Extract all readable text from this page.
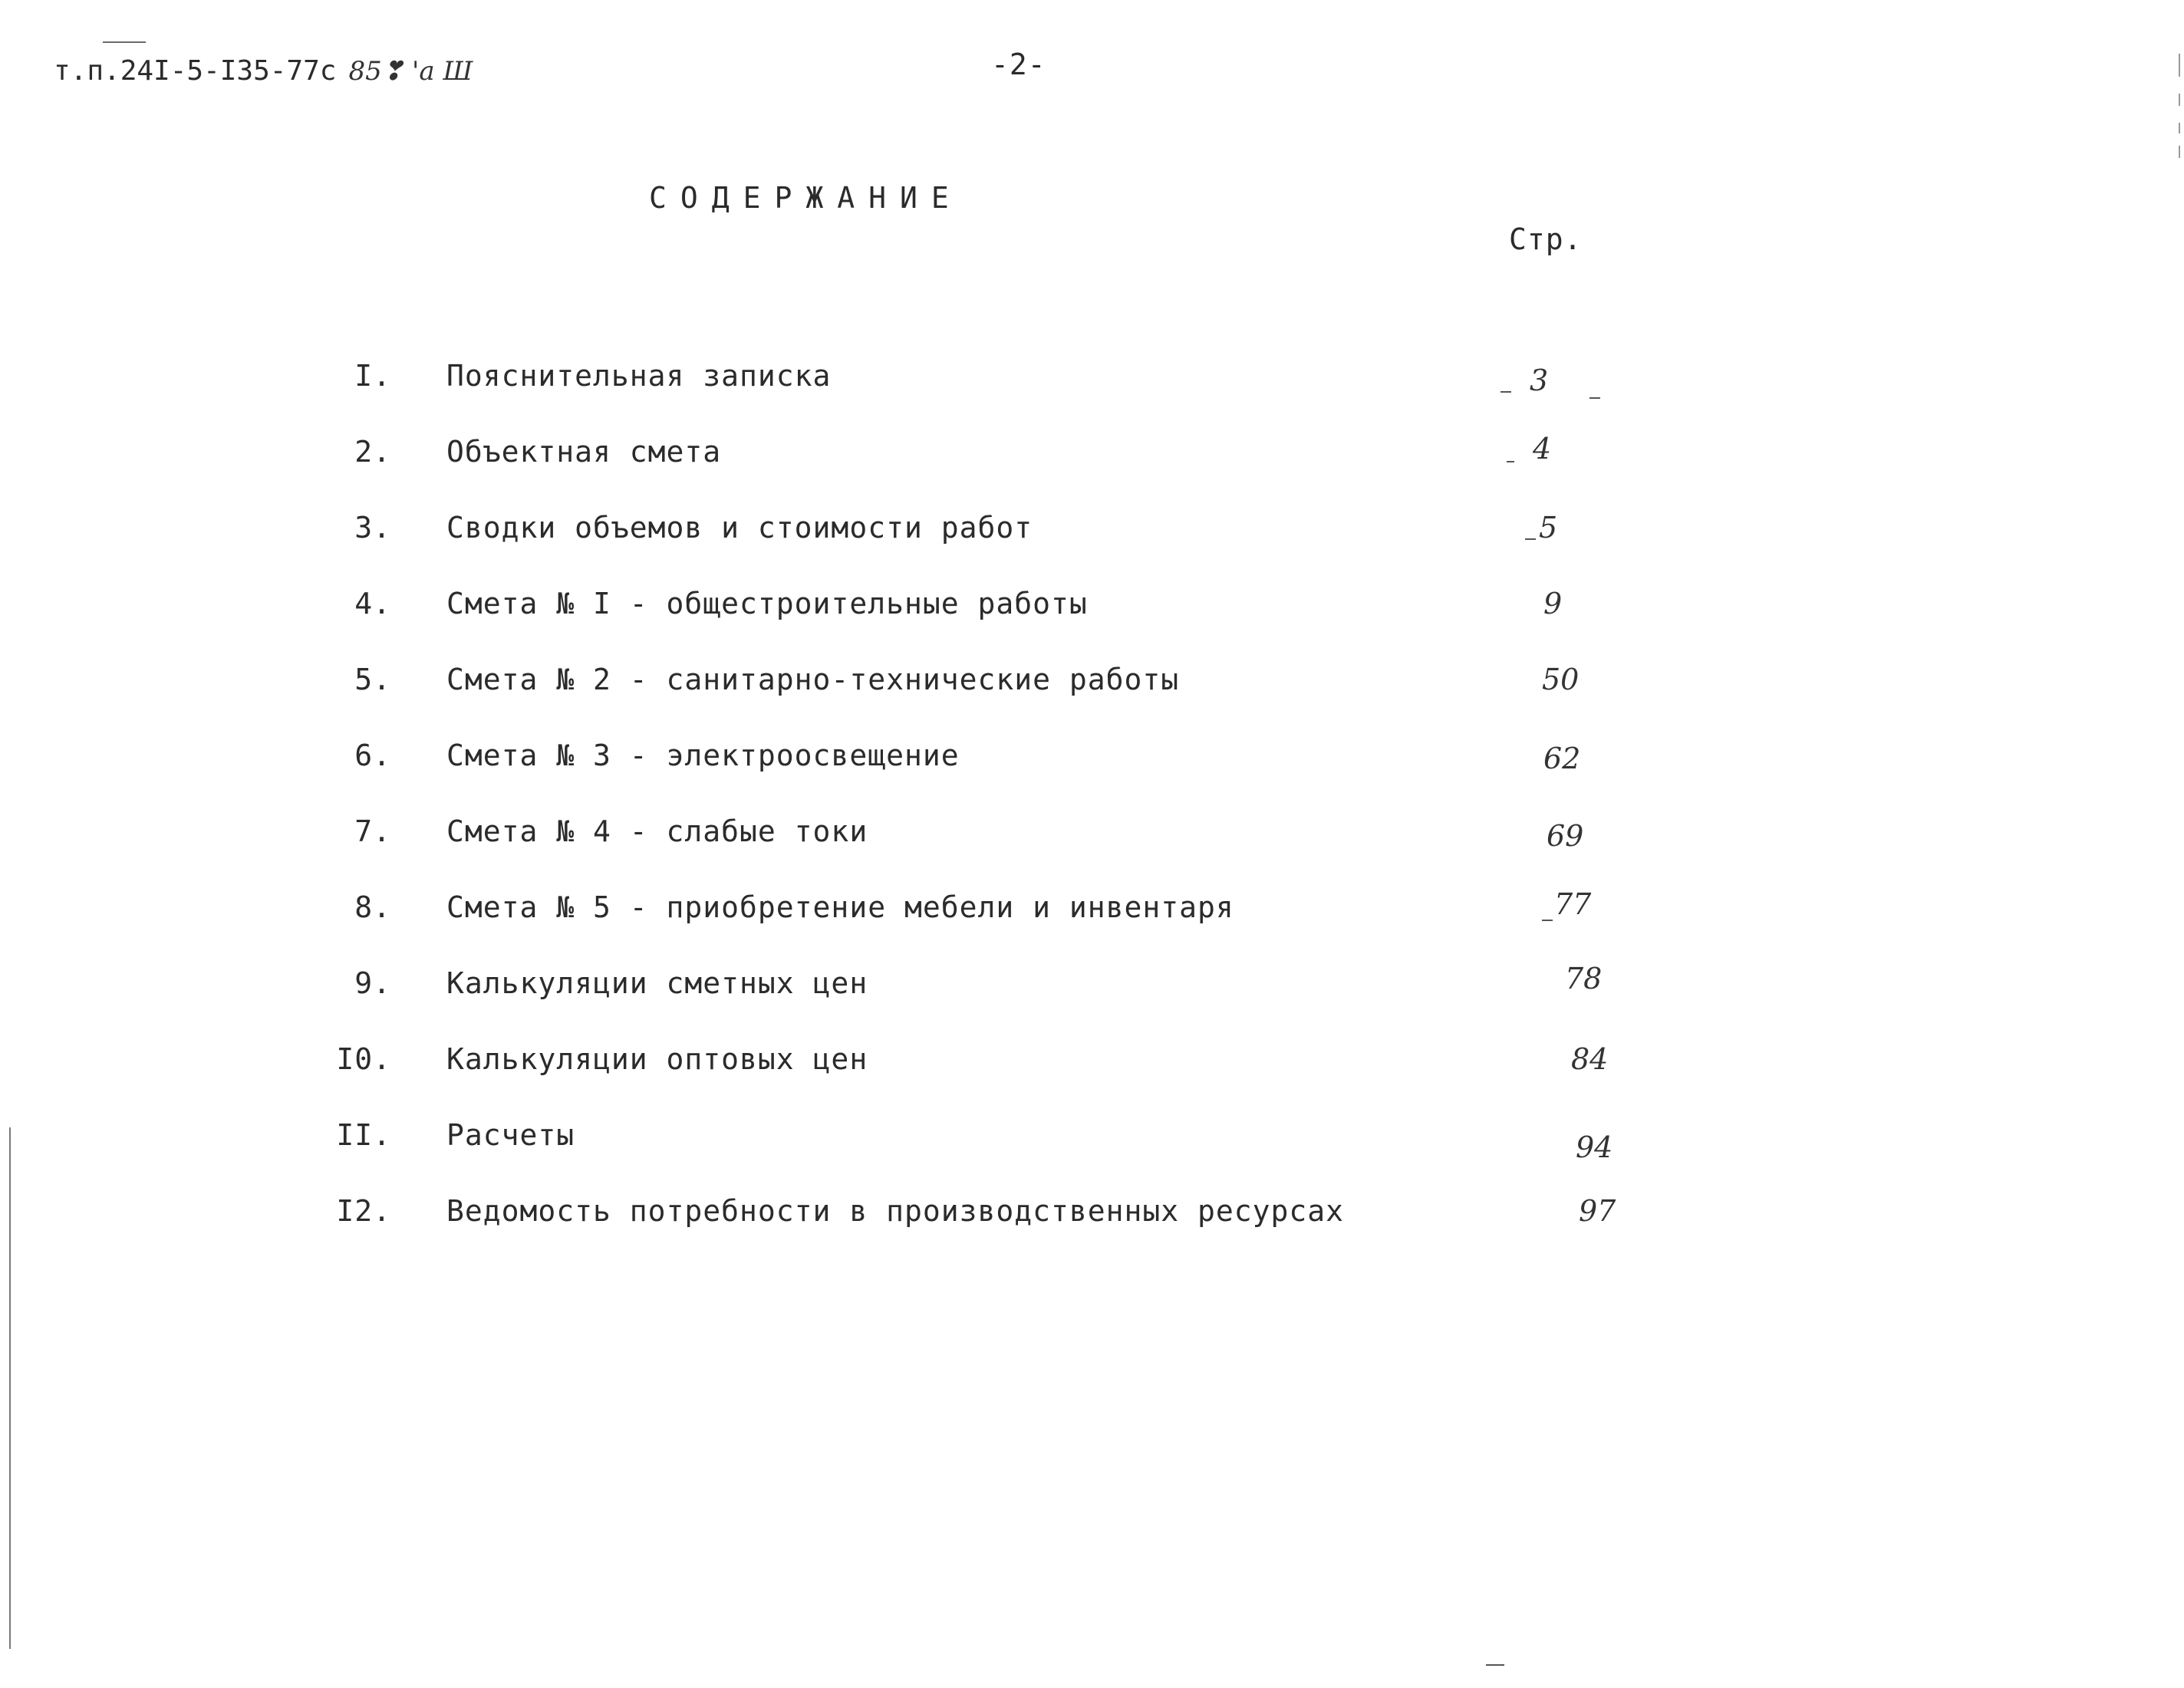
т.п.24I-5-I35-77с 85❣ 'a Ш	-2-
СОДЕРЖАНИЕ
Стр.
I. Пояснительная записка	3
2. Объектная смета	4
3. Сводки объемов и стоимости работ	5
4. Смета № I - общестроительные работы	9
5. Смета № 2 - санитарно-технические работы	50
6. Смета № 3 - электроосвещение	62
7. Смета № 4 - слабые токи	69
8. Смета № 5 - приобретение мебели и инвентаря	77
9. Калькуляции сметных цен	78
I0. Калькуляции оптовых цен	84
II. Расчеты	94
I2. Ведомость потребности в производственных ресурсах	97
